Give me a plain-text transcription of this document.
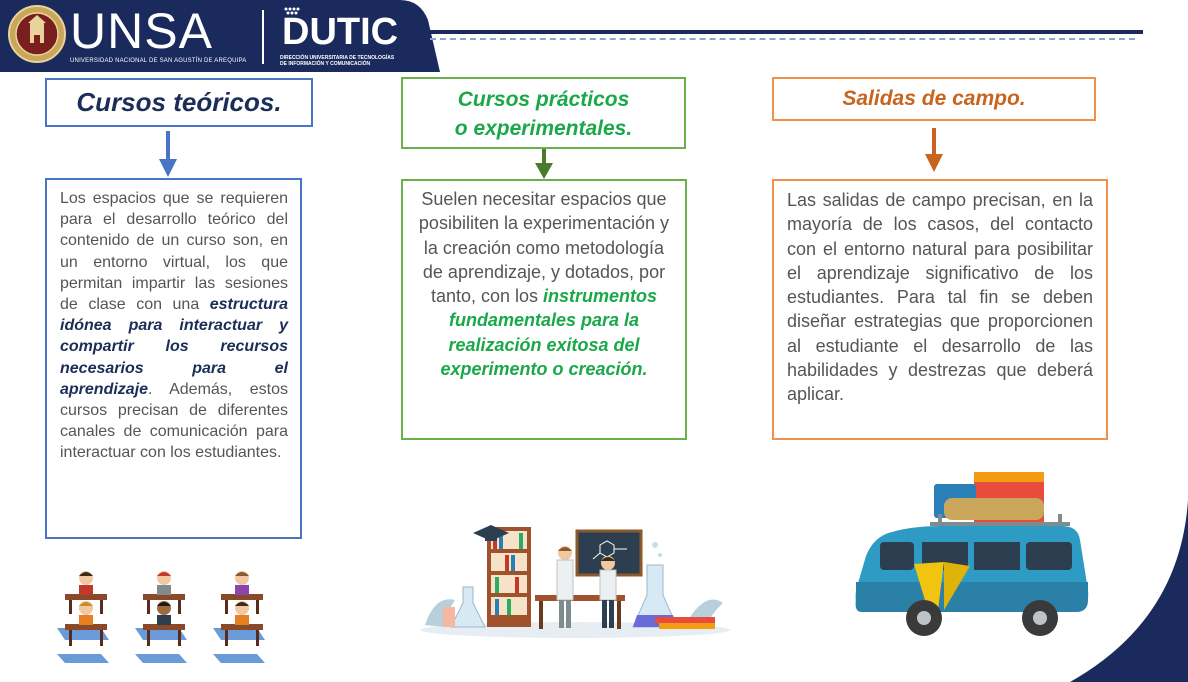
UNSA
UNIVERSIDAD NACIONAL DE SAN AGUSTÍN DE AREQUIPA
DUTIC
DIRECCIÓN UNIVERSITARIA DE TECNOLOGÍAS
DE INFORMACIÓN Y COMUNICACIÓN
Cursos teóricos.
Los espacios que se requieren para el desarrollo teórico del contenido de un curso son, en un entorno virtual, los que permitan impartir las sesiones de clase con una estructura idónea para interactuar y compartir los recursos necesarios para el aprendizaje. Además, estos cursos precisan de diferentes canales de comunicación para interactuar con los estudiantes.
Cursos prácticos
o experimentales.
Suelen necesitar espacios que posibiliten la experimentación y la creación como metodología de aprendizaje, y dotados, por tanto, con los instrumentos fundamentales para la realización exitosa del experimento o creación.
Salidas de campo.
Las salidas de campo precisan, en la mayoría de los casos, del contacto con el entorno natural para posibilitar el aprendizaje significativo de los estudiantes. Para tal fin se deben diseñar estrategias que proporcionen al estudiante el desarrollo de las habilidades y destrezas que deberá aplicar.
